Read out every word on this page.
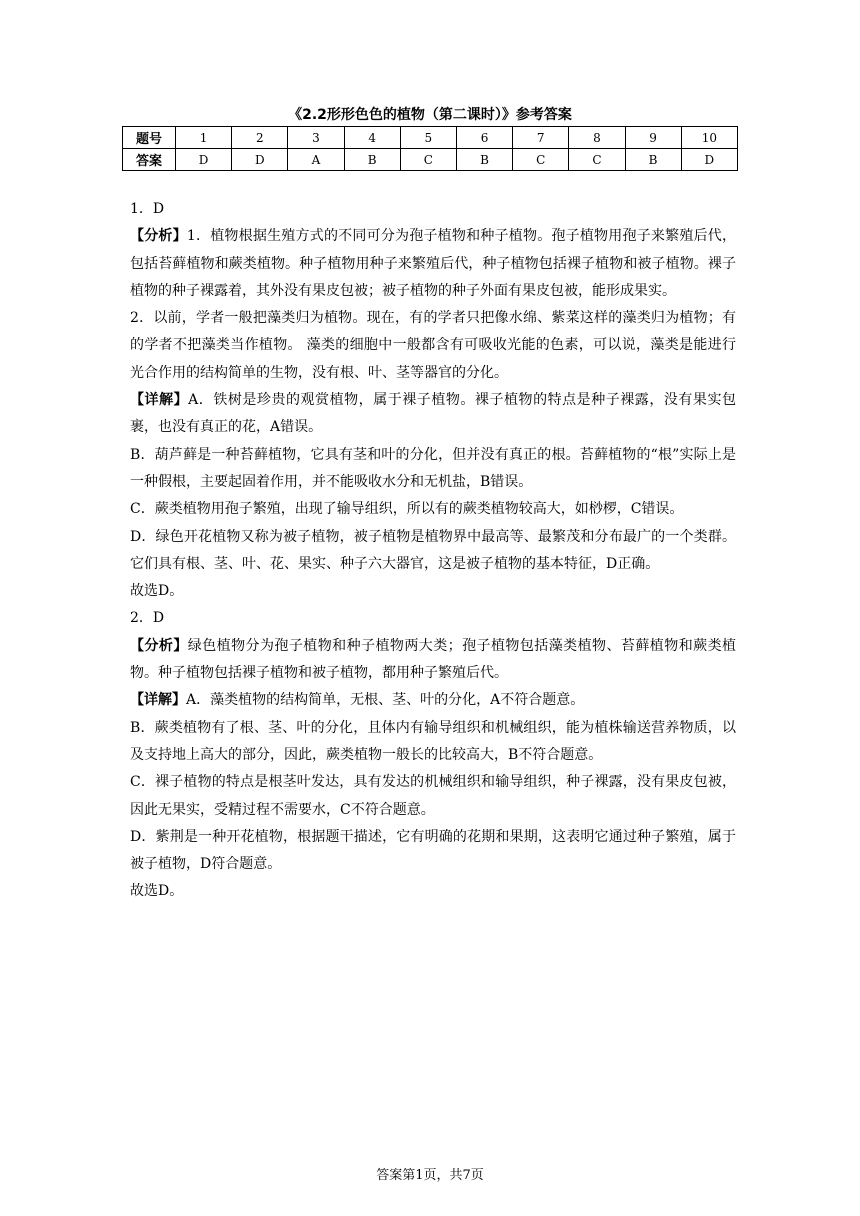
《2.2形形色色的植物（第二课时）》参考答案
题号	1	2	3	4	5	6	7	8	9	10
答案	D	D	A	B	C	B	C	C	B	D

1．D

【分析】1．植物根据生殖方式的不同可分为孢子植物和种子植物。孢子植物用孢子来繁殖后代，包括苔藓植物和蕨类植物。种子植物用种子来繁殖后代，种子植物包括裸子植物和被子植物。裸子植物的种子裸露着，其外没有果皮包被；被子植物的种子外面有果皮包被，能形成果实。

2．以前，学者一般把藻类归为植物。现在，有的学者只把像水绵、紫菜这样的藻类归为植物；有的学者不把藻类当作植物。 藻类的细胞中一般都含有可吸收光能的色素，可以说，藻类是能进行光合作用的结构简单的生物，没有根、叶、茎等器官的分化。

【详解】A．铁树是珍贵的观赏植物，属于裸子植物。裸子植物的特点是种子裸露，没有果实包裹，也没有真正的花，A错误。

B．葫芦藓是一种苔藓植物，它具有茎和叶的分化，但并没有真正的根。苔藓植物的“根”实际上是一种假根，主要起固着作用，并不能吸收水分和无机盐，B错误。

C．蕨类植物用孢子繁殖，出现了输导组织，所以有的蕨类植物较高大，如桫椤，C错误。

D．绿色开花植物又称为被子植物，被子植物是植物界中最高等、最繁茂和分布最广的一个类群。它们具有根、茎、叶、花、果实、种子六大器官，这是被子植物的基本特征，D正确。

故选D。

2．D

【分析】绿色植物分为孢子植物和种子植物两大类；孢子植物包括藻类植物、苔藓植物和蕨类植物。种子植物包括裸子植物和被子植物，都用种子繁殖后代。

【详解】A．藻类植物的结构简单，无根、茎、叶的分化，A不符合题意。

B．蕨类植物有了根、茎、叶的分化，且体内有输导组织和机械组织，能为植株输送营养物质，以及支持地上高大的部分，因此，蕨类植物一般长的比较高大，B不符合题意。

C．裸子植物的特点是根茎叶发达，具有发达的机械组织和输导组织，种子裸露，没有果皮包被，因此无果实，受精过程不需要水，C不符合题意。

D．紫荆是一种开花植物，根据题干描述，它有明确的花期和果期，这表明它通过种子繁殖，属于被子植物，D符合题意。

故选D。

答案第1页，共7页
